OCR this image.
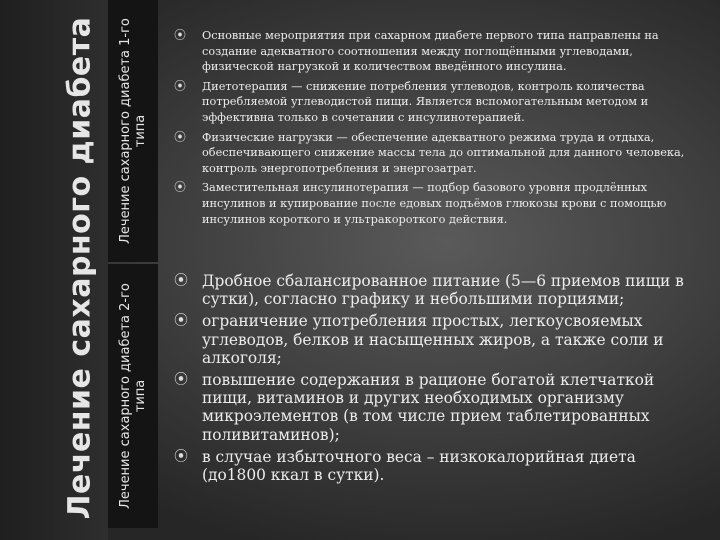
Лечение сахарного диабета Лечение сахарного диабета 1-го типа
Лечение сахарного диабета 2-го типа
⦿ Основные мероприятия при сахарном диабете первого типа направлены на создание адекватного соотношения между поглощёнными углеводами, физической нагрузкой и количеством введённого инсулина.
⦿ Диетотерапия — снижение потребления углеводов, контроль количества потребляемой углеводистой пищи. Является вспомогательным методом и эффективна только в сочетании с инсулинотерапией.
⦿ Физические нагрузки — обеспечение адекватного режима труда и отдыха, обеспечивающего снижение массы тела до оптимальной для данного человека, контроль энергопотребления и энергозатрат.
⦿ Заместительная инсулинотерапия — подбор базового уровня продлённых инсулинов и купирование после едовых подъёмов глюкозы крови с помощью инсулинов короткого и ультракороткого действия.
⦿ Дробное сбалансированное питание (5—6 приемов пищи в сутки), согласно графику и небольшими порциями;
⦿ ограничение употребления простых, легкоусвояемых углеводов, белков и насыщенных жиров, а также соли и алкоголя;
⦿ повышение содержания в рационе богатой клетчаткой пищи, витаминов и других необходимых организму микроэлементов (в том числе прием таблетированных поливитаминов);
⦿ в случае избыточного веса – низкокалорийная диета (до1800 ккал в сутки).
